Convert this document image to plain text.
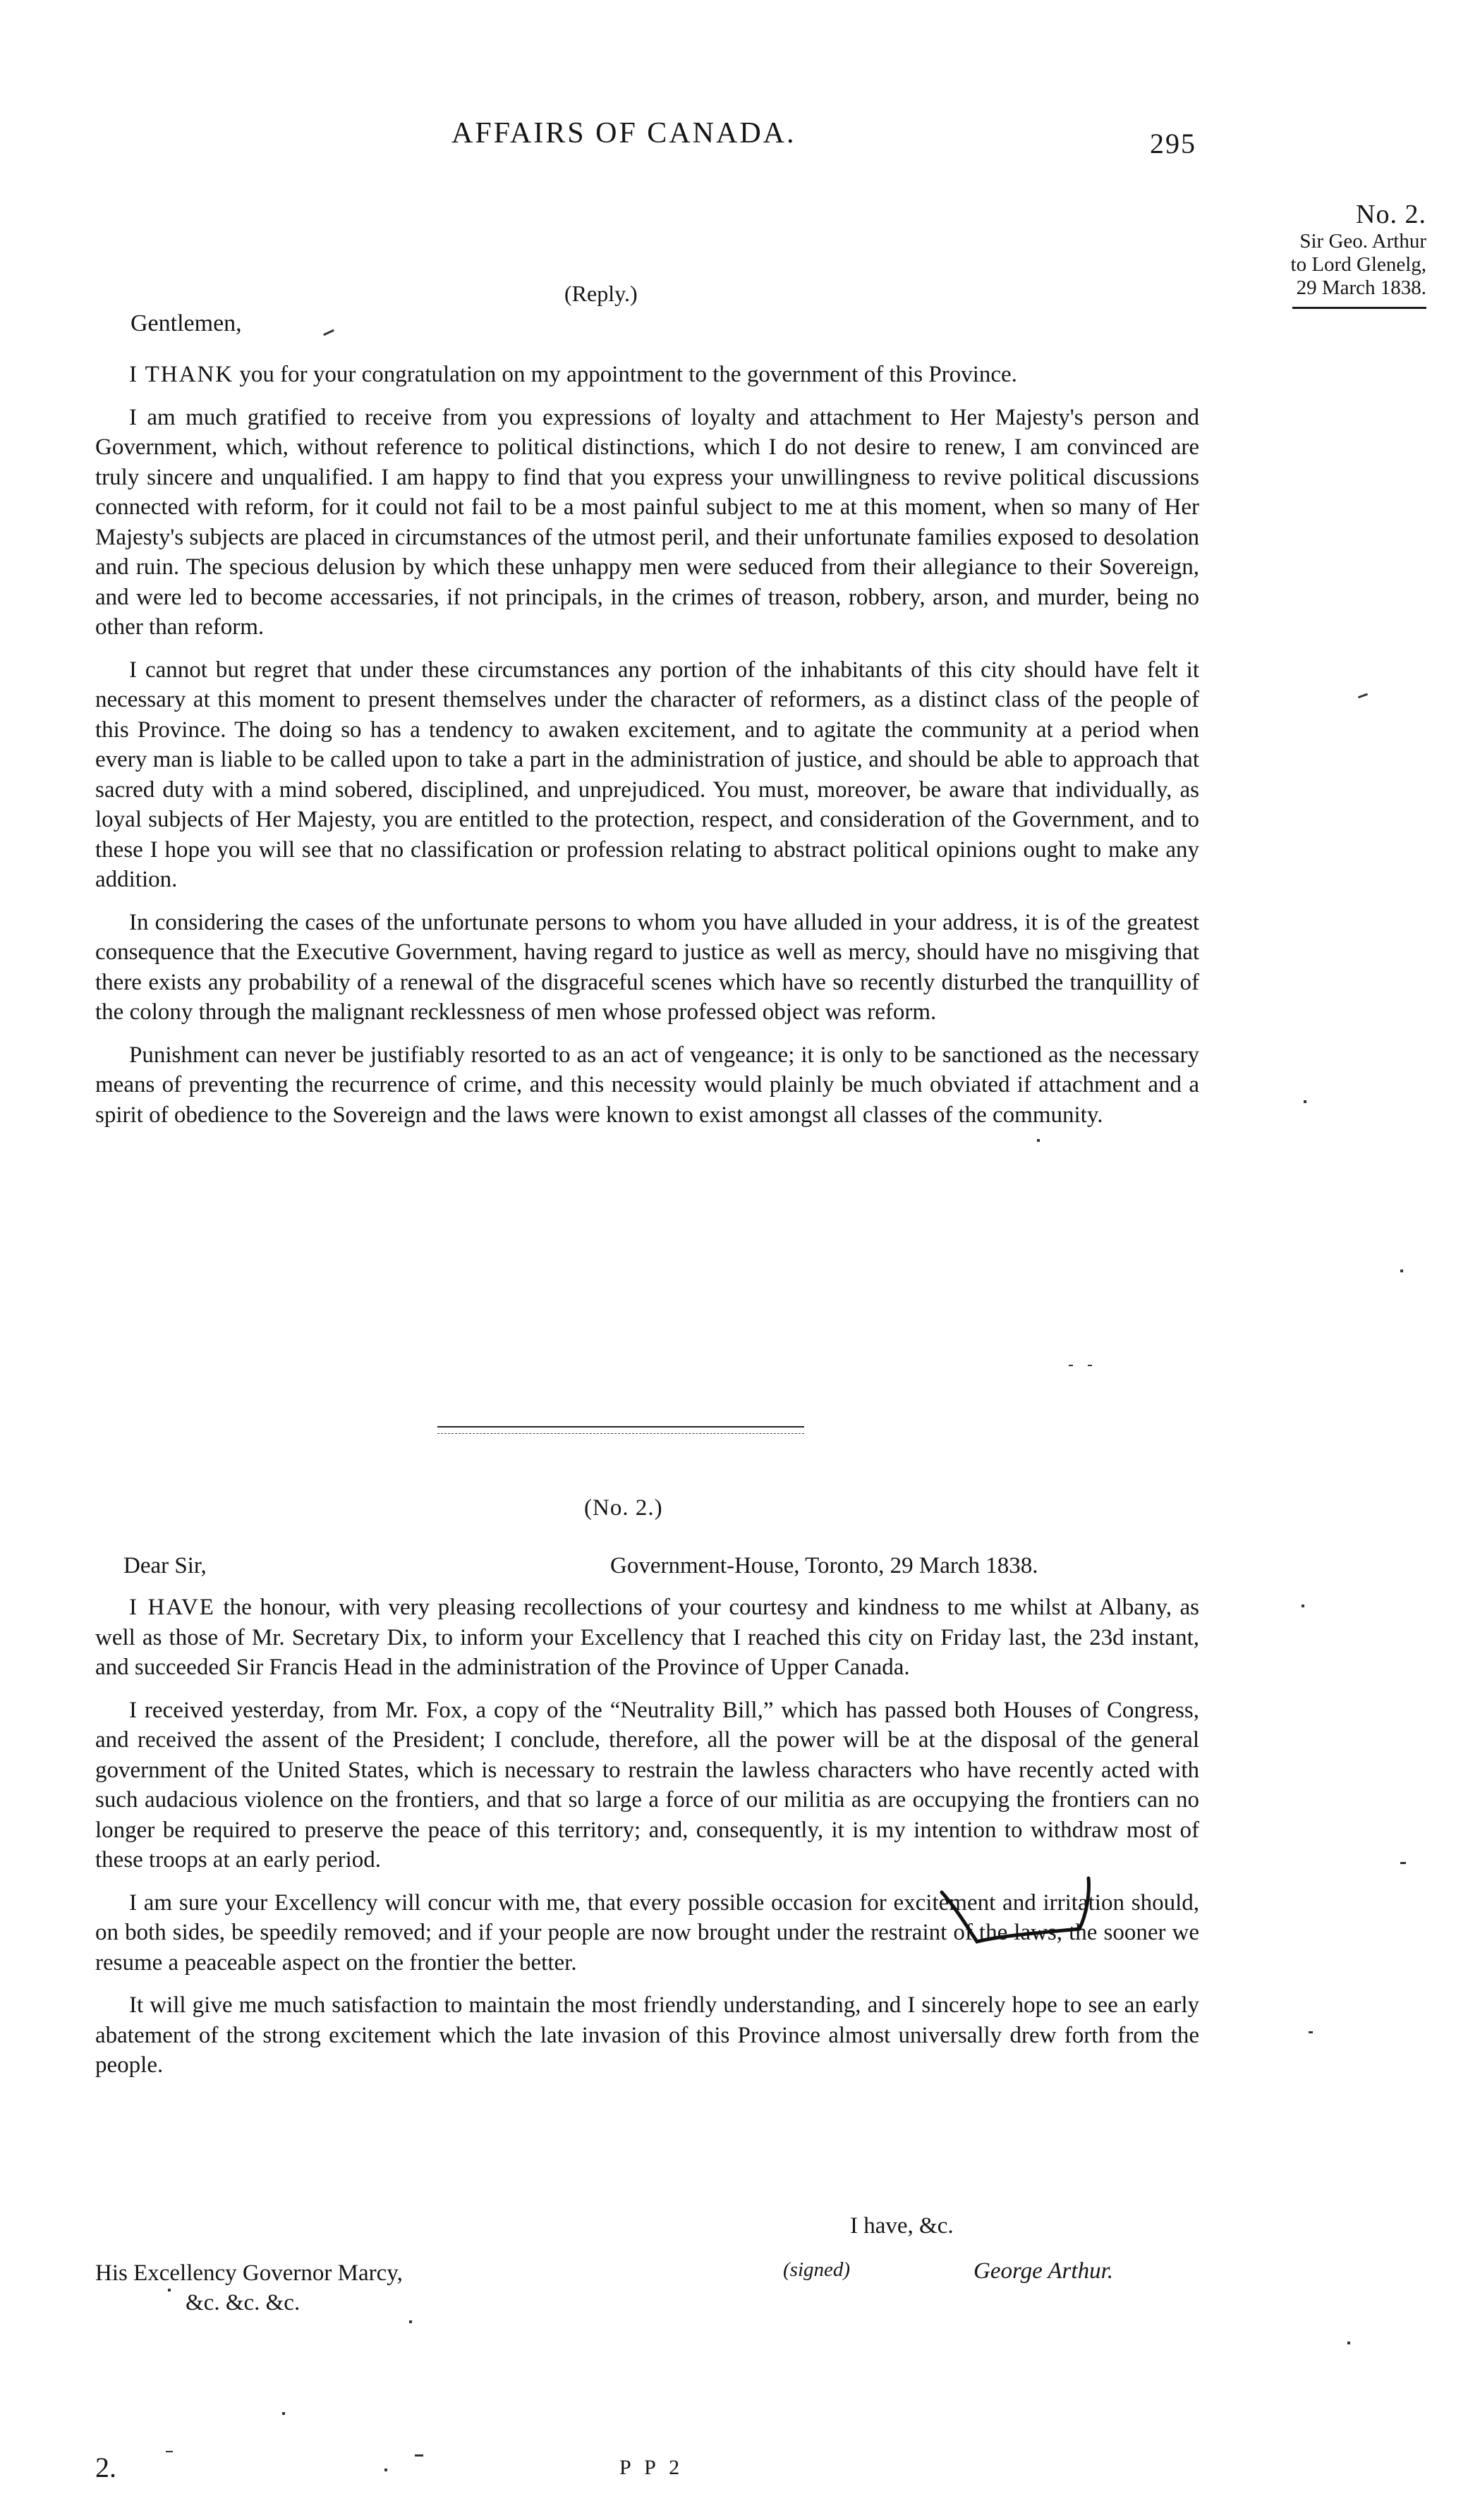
AFFAIRS OF CANADA.	295
No. 2.
Sir Geo. Arthur
to Lord Glenelg,
29 March 1838.
(Reply.)
Gentlemen,

I THANK you for your congratulation on my appointment to the government of this Province.

I am much gratified to receive from you expressions of loyalty and attachment to Her Majesty's person and Government, which, without reference to political distinctions, which I do not desire to renew, I am convinced are truly sincere and unqualified. I am happy to find that you express your unwillingness to revive political discussions connected with reform, for it could not fail to be a most painful subject to me at this moment, when so many of Her Majesty's subjects are placed in circumstances of the utmost peril, and their unfortunate families exposed to desolation and ruin. The specious delusion by which these unhappy men were seduced from their allegiance to their Sovereign, and were led to become accessaries, if not principals, in the crimes of treason, robbery, arson, and murder, being no other than reform.

I cannot but regret that under these circumstances any portion of the inhabitants of this city should have felt it necessary at this moment to present themselves under the character of reformers, as a distinct class of the people of this Province. The doing so has a tendency to awaken excitement, and to agitate the community at a period when every man is liable to be called upon to take a part in the administration of justice, and should be able to approach that sacred duty with a mind sobered, disciplined, and unprejudiced. You must, moreover, be aware that individually, as loyal subjects of Her Majesty, you are entitled to the protection, respect, and consideration of the Government, and to these I hope you will see that no classification or profession relating to abstract political opinions ought to make any addition.

In considering the cases of the unfortunate persons to whom you have alluded in your address, it is of the greatest consequence that the Executive Government, having regard to justice as well as mercy, should have no misgiving that there exists any probability of a renewal of the disgraceful scenes which have so recently disturbed the tranquillity of the colony through the malignant recklessness of men whose professed object was reform.

Punishment can never be justifiably resorted to as an act of vengeance; it is only to be sanctioned as the necessary means of preventing the recurrence of crime, and this necessity would plainly be much obviated if attachment and a spirit of obedience to the Sovereign and the laws were known to exist amongst all classes of the community.

(No. 2.)
Dear Sir,	Government-House, Toronto, 29 March 1838.

I HAVE the honour, with very pleasing recollections of your courtesy and kindness to me whilst at Albany, as well as those of Mr. Secretary Dix, to inform your Excellency that I reached this city on Friday last, the 23d instant, and succeeded Sir Francis Head in the administration of the Province of Upper Canada.

I received yesterday, from Mr. Fox, a copy of the “Neutrality Bill,” which has passed both Houses of Congress, and received the assent of the President; I conclude, therefore, all the power will be at the disposal of the general government of the United States, which is necessary to restrain the lawless characters who have recently acted with such audacious violence on the frontiers, and that so large a force of our militia as are occupying the frontiers can no longer be required to preserve the peace of this territory; and, consequently, it is my intention to withdraw most of these troops at an early period.

I am sure your Excellency will concur with me, that every possible occasion for excitement and irritation should, on both sides, be speedily removed; and if your people are now brought under the restraint of the laws, the sooner we resume a peaceable aspect on the frontier the better.

It will give me much satisfaction to maintain the most friendly understanding, and I sincerely hope to see an early abatement of the strong excitement which the late invasion of this Province almost universally drew forth from the people.

I have, &c.
His Excellency Governor Marcy,
&c. &c. &c.
(signed)	George Arthur.
2.	P P 2
